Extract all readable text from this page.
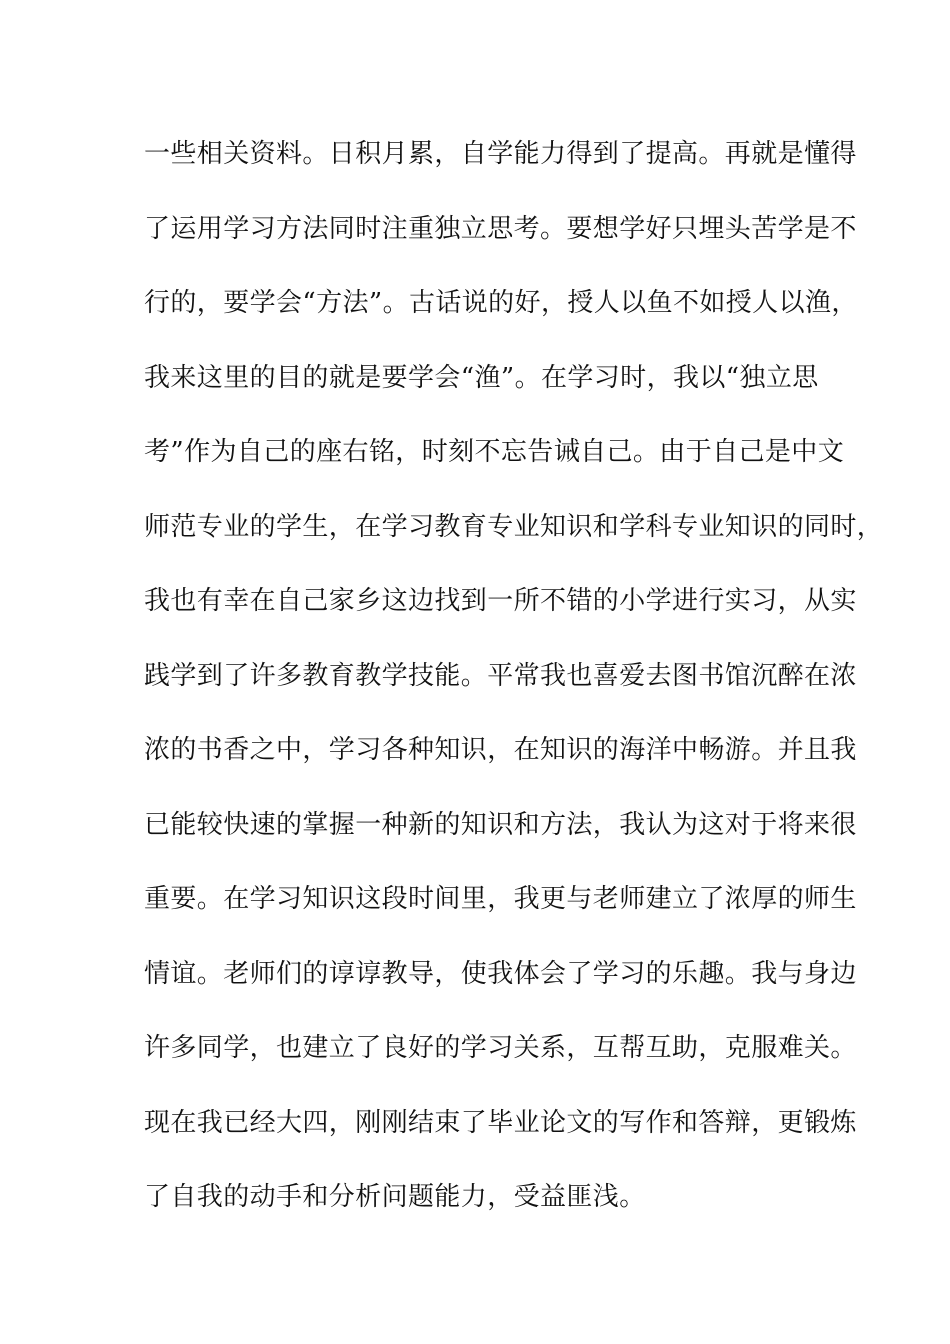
一些相关资料。日积月累，自学能力得到了提高。再就是懂得
了运用学习方法同时注重独立思考。要想学好只埋头苦学是不
行的，要学会“方法”。古话说的好，授人以鱼不如授人以渔，
我来这里的目的就是要学会“渔”。在学习时，我以“独立思
考”作为自己的座右铭，时刻不忘告诫自己。由于自己是中文
师范专业的学生，在学习教育专业知识和学科专业知识的同时，
我也有幸在自己家乡这边找到一所不错的小学进行实习，从实
践学到了许多教育教学技能。平常我也喜爱去图书馆沉醉在浓
浓的书香之中，学习各种知识，在知识的海洋中畅游。并且我
已能较快速的掌握一种新的知识和方法，我认为这对于将来很
重要。在学习知识这段时间里，我更与老师建立了浓厚的师生
情谊。老师们的谆谆教导，使我体会了学习的乐趣。我与身边
许多同学，也建立了良好的学习关系，互帮互助，克服难关。
现在我已经大四，刚刚结束了毕业论文的写作和答辩，更锻炼
了自我的动手和分析问题能力，受益匪浅。
